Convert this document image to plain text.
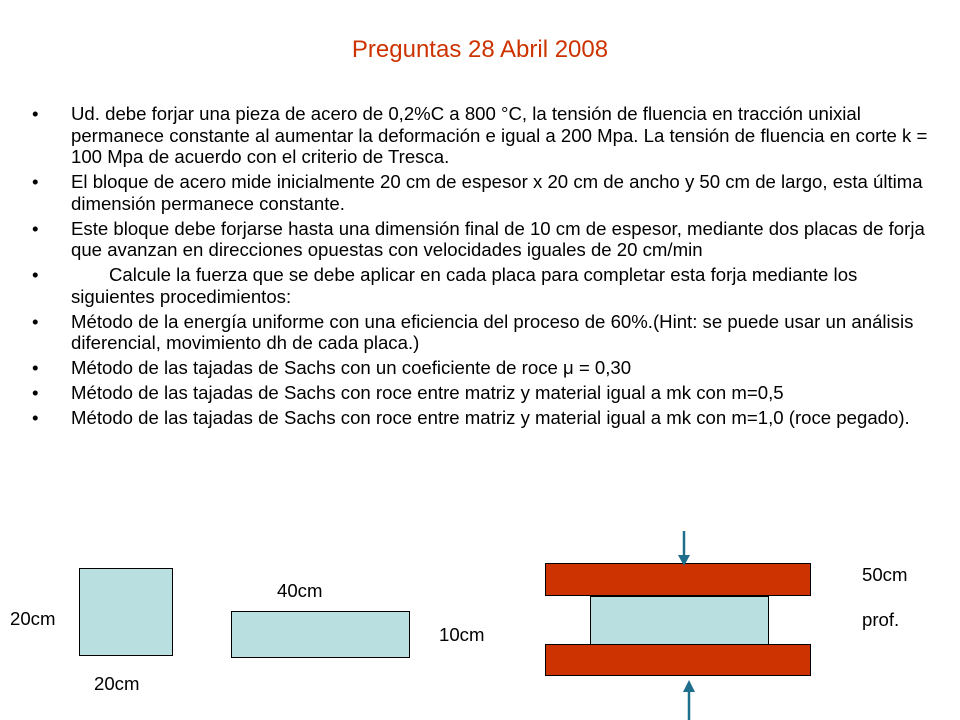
Preguntas 28 Abril 2008
• Ud. debe forjar una pieza de acero de 0,2%C a 800 °C, la tensión de fluencia en tracción unixial permanece constante al aumentar la deformación e igual a 200 Mpa. La tensión de fluencia en corte k = 100 Mpa de acuerdo con el criterio de Tresca.
• El bloque de acero mide inicialmente 20 cm de espesor x 20 cm de ancho y 50 cm de largo, esta última dimensión permanece constante.
• Este bloque debe forjarse hasta una dimensión final de 10 cm de espesor, mediante dos placas de forja que avanzan en direcciones opuestas con velocidades iguales de 20 cm/min
•	Calcule la fuerza que se debe aplicar en cada placa para completar esta forja mediante los siguientes procedimientos:
• Método de la energía uniforme con una eficiencia del proceso de 60%.(Hint: se puede usar un análisis diferencial, movimiento dh de cada placa.)
• Método de las tajadas de Sachs con un coeficiente de roce μ = 0,30
• Método de las tajadas de Sachs con roce entre matriz y material igual a mk con m=0,5
• Método de las tajadas de Sachs con roce entre matriz y material igual a mk con m=1,0 (roce pegado).
20cm
20cm
40cm
10cm
50cm
prof.
